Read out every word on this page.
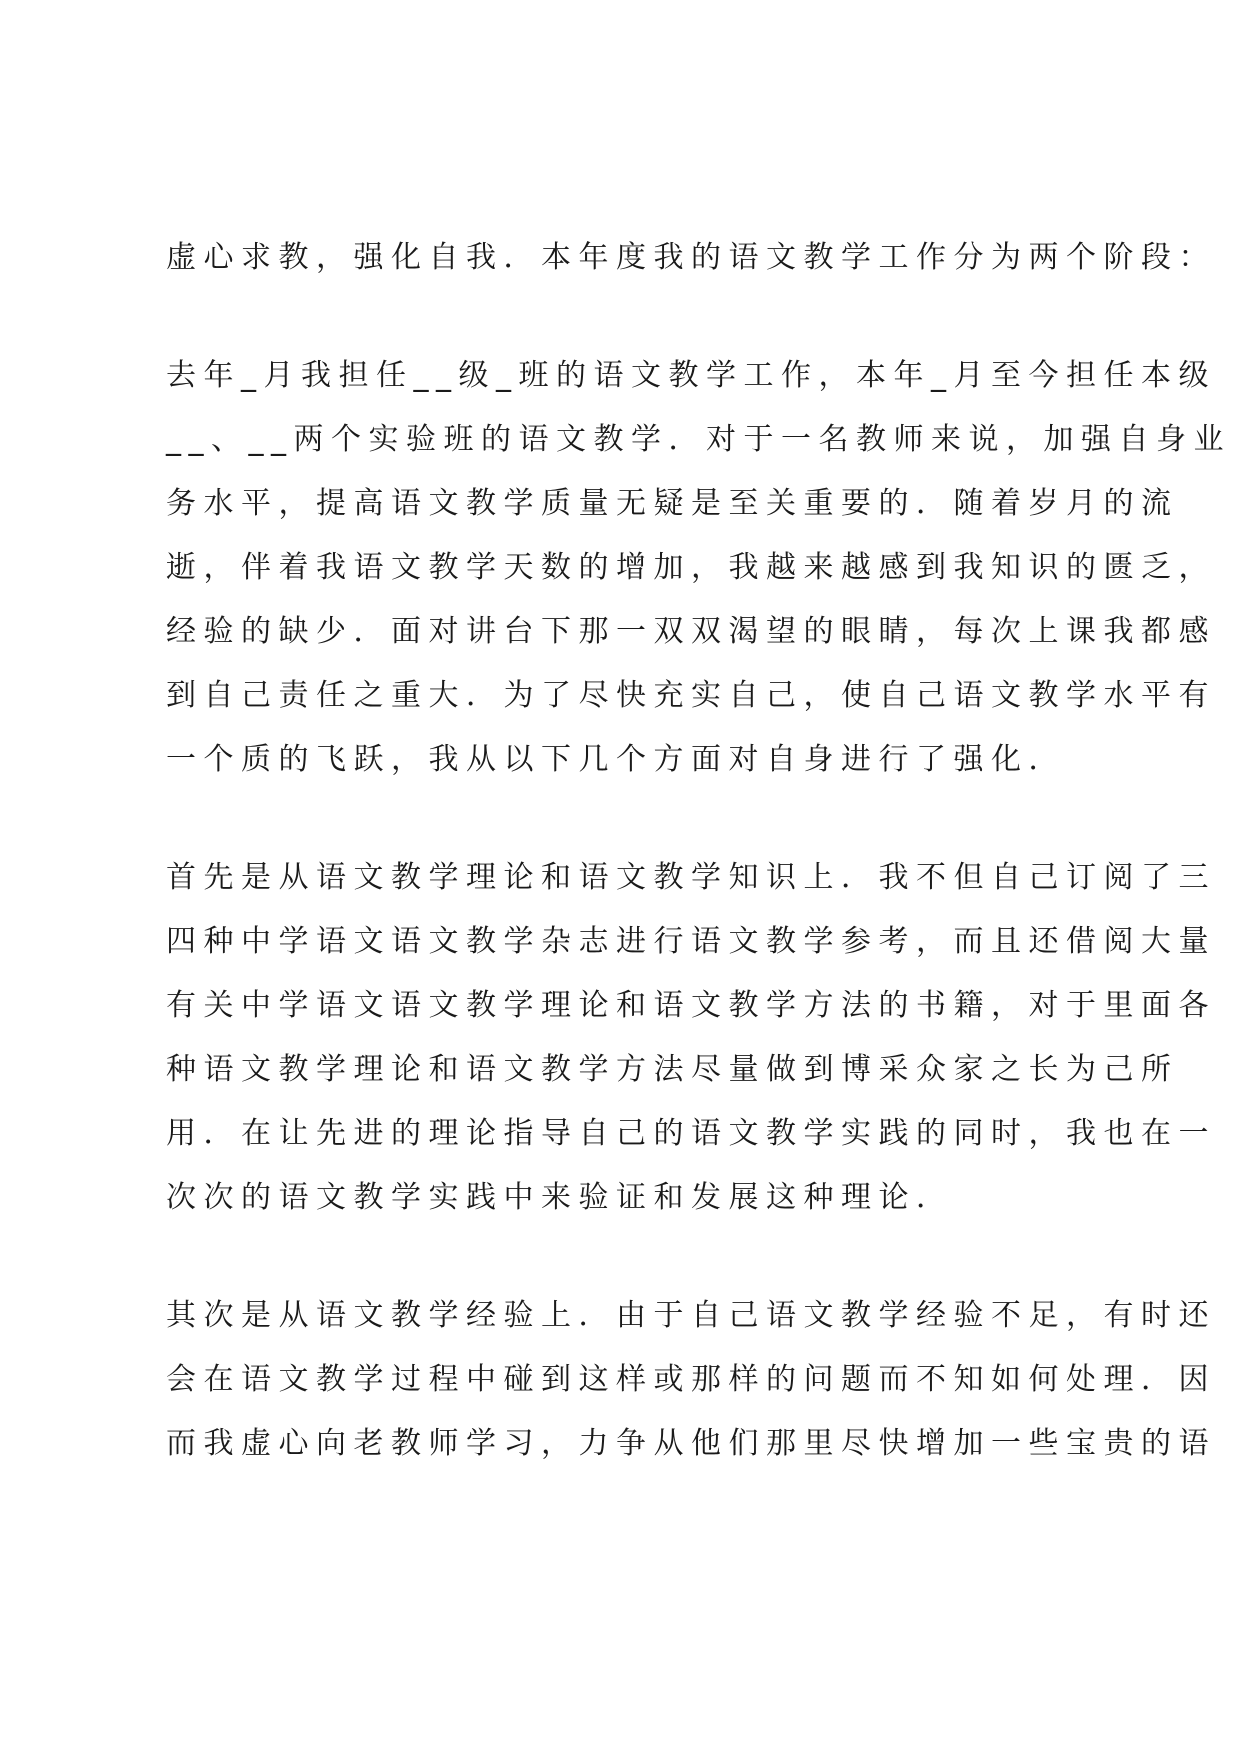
虚心求教，强化自我．本年度我的语文教学工作分为两个阶段：
去年_月我担任__级_班的语文教学工作，本年_月至今担任本级
__、__两个实验班的语文教学．对于一名教师来说，加强自身业
务水平，提高语文教学质量无疑是至关重要的．随着岁月的流
逝，伴着我语文教学天数的增加，我越来越感到我知识的匮乏，
经验的缺少．面对讲台下那一双双渴望的眼睛，每次上课我都感
到自己责任之重大．为了尽快充实自己，使自己语文教学水平有
一个质的飞跃，我从以下几个方面对自身进行了强化．
首先是从语文教学理论和语文教学知识上．我不但自己订阅了三
四种中学语文语文教学杂志进行语文教学参考，而且还借阅大量
有关中学语文语文教学理论和语文教学方法的书籍，对于里面各
种语文教学理论和语文教学方法尽量做到博采众家之长为己所
用．在让先进的理论指导自己的语文教学实践的同时，我也在一
次次的语文教学实践中来验证和发展这种理论．
其次是从语文教学经验上．由于自己语文教学经验不足，有时还
会在语文教学过程中碰到这样或那样的问题而不知如何处理．因
而我虚心向老教师学习，力争从他们那里尽快增加一些宝贵的语
